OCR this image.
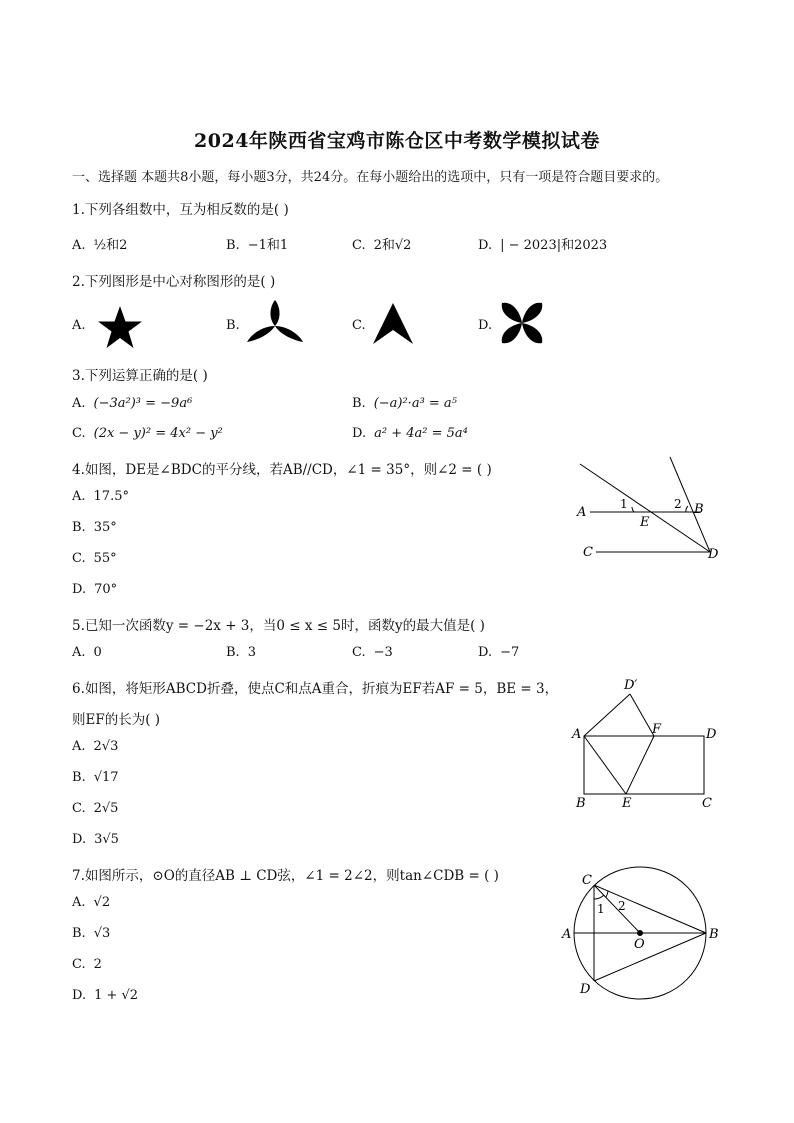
2024年陕西省宝鸡市陈仓区中考数学模拟试卷
一、选择题 本题共8小题，每小题3分，共24分。在每小题给出的选项中，只有一项是符合题目要求的。
1.下列各组数中，互为相反数的是( )
A. ½和2	B. −1和1	C. 2和√2	D. | − 2023|和2023
2.下列图形是中心对称图形的是( )
A.	B.	C.	D.
3.下列运算正确的是( )
A. (−3a²)³ = −9a⁶	B. (−a)²·a³ = a⁵
C. (2x − y)² = 4x² − y²	D. a² + 4a² = 5a⁴
4.如图，DE是∠BDC的平分线，若AB//CD，∠1 = 35°，则∠2 = ( )
A. 17.5°
B. 35°
C. 55°
D. 70°
A	B
C	D
E
1	2
5.已知一次函数y = −2x + 3，当0 ≤ x ≤ 5时，函数y的最大值是( )
A. 0	B. 3	C. −3	D. −7
6.如图，将矩形ABCD折叠，使点C和点A重合，折痕为EF若AF = 5，BE = 3，
则EF的长为( )
A. 2√3
B. √17
C. 2√5
D. 3√5
A
B	C
D
E
F
D′
7.如图所示，⊙O的直径AB ⊥ CD弦，∠1 = 2∠2，则tan∠CDB = ( )
A. √2
B. √3
C. 2
D. 1 + √2
C
A	B
O
D
1 2
